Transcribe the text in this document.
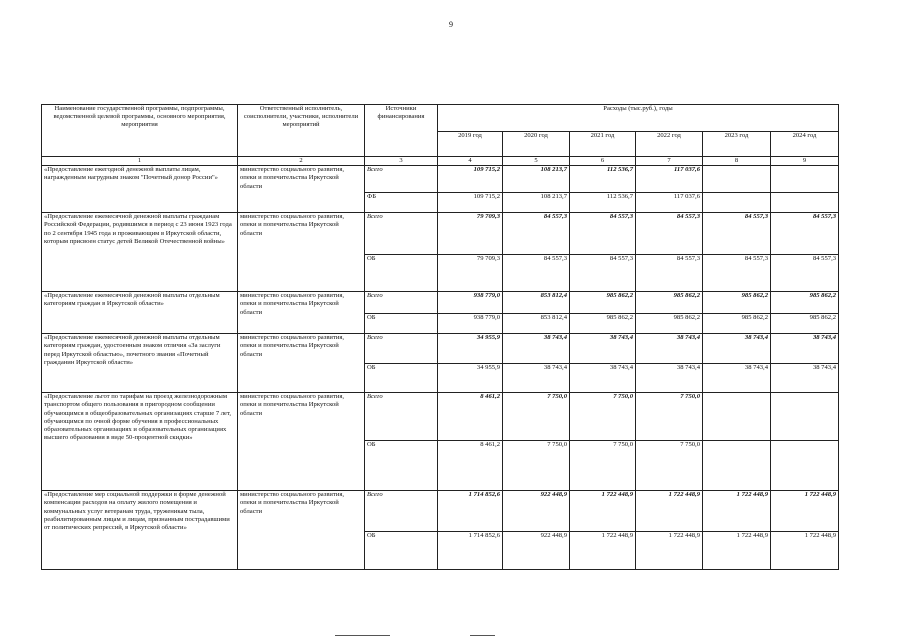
9
Наименование государственной программы, подпрограммы, ведомственной целевой программы, основного мероприятия, мероприятия	Ответственный исполнитель, соисполнители, участники, исполнители мероприятий	Источники финансирования	Расходы (тыс.руб.), годы					
			2019 год	2020 год	2021 год	2022 год	2023 год	2024 год
1	2	3	4	5	6	7	8	9
«Предоставление ежегодной денежной выплаты лицам, награжденным нагрудным знаком "Почетный донор России"»	министерство социального развития, опеки и попечительства Иркутской области	Всего	109 715,2	108 213,7	112 536,7	117 037,6		
		ФБ	109 715,2	108 213,7	112 536,7	117 037,6		
«Предоставление ежемесячной денежной выплаты гражданам Российской Федерации, родившимся в период с 23 июня 1923 года по 2 сентября 1945 года и проживающим в Иркутской области, которым присвоен статус детей Великой Отечественной войны»	министерство социального развития, опеки и попечительства Иркутской области	Всего	79 709,3	84 557,3	84 557,3	84 557,3	84 557,3	84 557,3
		ОБ	79 709,3	84 557,3	84 557,3	84 557,3	84 557,3	84 557,3
«Предоставление ежемесячной денежной выплаты отдельным категориям граждан в Иркутской области»	министерство социального развития, опеки и попечительства Иркутской области	Всего	938 779,0	853 812,4	985 862,2	985 862,2	985 862,2	985 862,2
		ОБ	938 779,0	853 812,4	985 862,2	985 862,2	985 862,2	985 862,2
«Предоставление ежемесячной денежной выплаты отдельным категориям граждан, удостоенным знаком отличия «За заслуги перед Иркутской областью», почетного звания «Почетный гражданин Иркутской области»	министерство социального развития, опеки и попечительства Иркутской области	Всего	34 955,9	38 743,4	38 743,4	38 743,4	38 743,4	38 743,4
		ОБ	34 955,9	38 743,4	38 743,4	38 743,4	38 743,4	38 743,4
«Предоставление льгот по тарифам на проезд железнодорожным транспортом общего пользования в пригородном сообщении обучающимся в общеобразовательных организациях старше 7 лет, обучающимся по очной форме обучения в профессиональных образовательных организациях и образовательных организациях высшего образования в виде 50-процентной скидки»	министерство социального развития, опеки и попечительства Иркутской области	Всего	8 461,2	7 750,0	7 750,0	7 750,0		
		ОБ	8 461,2	7 750,0	7 750,0	7 750,0		
«Предоставление мер социальной поддержки в форме денежной компенсации расходов на оплату жилого помещения и коммунальных услуг ветеранам труда, труженикам тыла, реабилитированным лицам и лицам, признанным пострадавшими от политических репрессий, в Иркутской области»	министерство социального развития, опеки и попечительства Иркутской области	Всего	1 714 852,6	922 448,9	1 722 448,9	1 722 448,9	1 722 448,9	1 722 448,9
		ОБ	1 714 852,6	922 448,9	1 722 448,9	1 722 448,9	1 722 448,9	1 722 448,9
